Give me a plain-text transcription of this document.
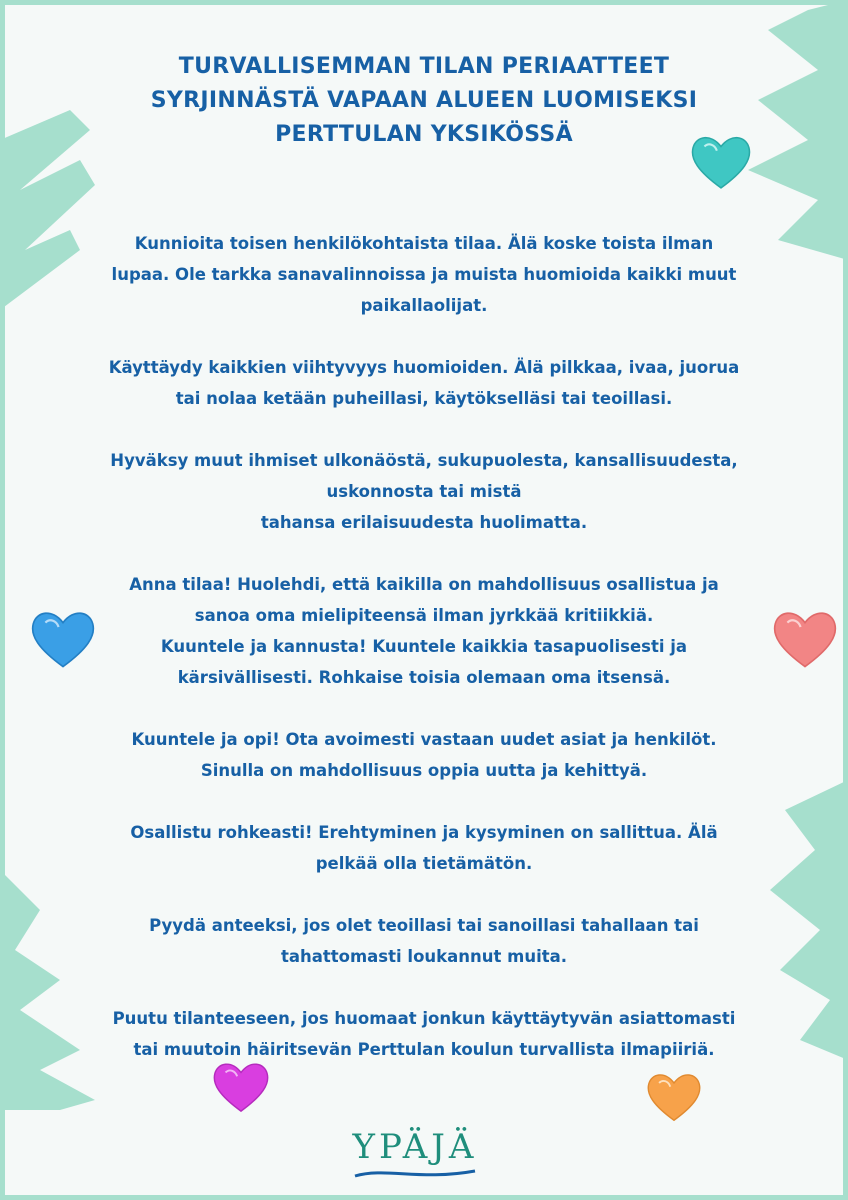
TURVALLISEMMAN TILAN PERIAATTEET
SYRJINNÄSTÄ VAPAAN ALUEEN LUOMISEKSI
PERTTULAN YKSIKÖSSÄ

Kunnioita toisen henkilökohtaista tilaa. Älä koske toista ilman
lupaa. Ole tarkka sanavalinnoissa ja muista huomioida kaikki muut
paikallaolijat.

Käyttäydy kaikkien viihtyvyys huomioiden. Älä pilkkaa, ivaa, juorua
tai nolaa ketään puheillasi, käytökselläsi tai teoillasi.

Hyväksy muut ihmiset ulkonäöstä, sukupuolesta, kansallisuudesta,
uskonnosta tai mistä
tahansa erilaisuudesta huolimatta.

Anna tilaa! Huolehdi, että kaikilla on mahdollisuus osallistua ja
sanoa oma mielipiteensä ilman jyrkkää kritiikkiä.
Kuuntele ja kannusta! Kuuntele kaikkia tasapuolisesti ja
kärsivällisesti. Rohkaise toisia olemaan oma itsensä.

Kuuntele ja opi! Ota avoimesti vastaan uudet asiat ja henkilöt.
Sinulla on mahdollisuus oppia uutta ja kehittyä.

Osallistu rohkeasti! Erehtyminen ja kysyminen on sallittua. Älä
pelkää olla tietämätön.

Pyydä anteeksi, jos olet teoillasi tai sanoillasi tahallaan tai
tahattomasti loukannut muita.

Puutu tilanteeseen, jos huomaat jonkun käyttäytyvän asiattomasti
tai muutoin häiritsevän Perttulan koulun turvallista ilmapiiriä.

YPÄJÄ
